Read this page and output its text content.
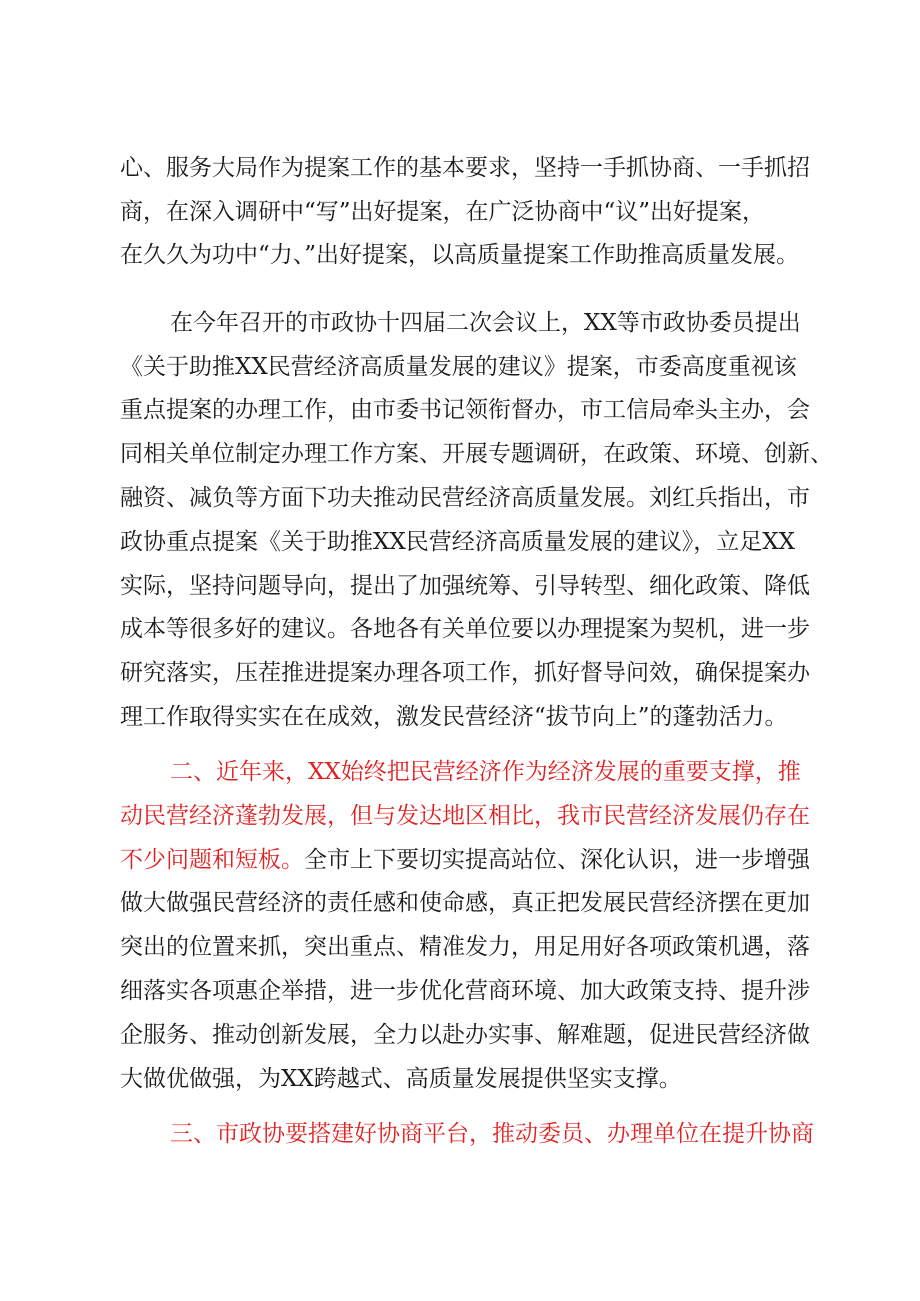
心、服务大局作为提案工作的基本要求，坚持一手抓协商、一手抓招
商，在深入调研中“写”出好提案，在广泛协商中“议”出好提案，
在久久为功中“力、”出好提案，以高质量提案工作助推高质量发展。
在今年召开的市政协十四届二次会议上，XX等市政协委员提出
《关于助推XX民营经济高质量发展的建议》提案，市委高度重视该
重点提案的办理工作，由市委书记领衔督办，市工信局牵头主办，会
同相关单位制定办理工作方案、开展专题调研，在政策、环境、创新、
融资、减负等方面下功夫推动民营经济高质量发展。刘红兵指出，市
政协重点提案《关于助推XX民营经济高质量发展的建议》，立足XX
实际，坚持问题导向，提出了加强统筹、引导转型、细化政策、降低
成本等很多好的建议。各地各有关单位要以办理提案为契机，进一步
研究落实，压茬推进提案办理各项工作，抓好督导问效，确保提案办
理工作取得实实在在成效，激发民营经济“拔节向上”的蓬勃活力。
二、近年来，XX始终把民营经济作为经济发展的重要支撑，推
动民营经济蓬勃发展，但与发达地区相比，我市民营经济发展仍存在
不少问题和短板。全市上下要切实提高站位、深化认识，进一步增强
做大做强民营经济的责任感和使命感，真正把发展民营经济摆在更加
突出的位置来抓，突出重点、精准发力，用足用好各项政策机遇，落
细落实各项惠企举措，进一步优化营商环境、加大政策支持、提升涉
企服务、推动创新发展，全力以赴办实事、解难题，促进民营经济做
大做优做强，为XX跨越式、高质量发展提供坚实支撑。
三、市政协要搭建好协商平台，推动委员、办理单位在提升协商
